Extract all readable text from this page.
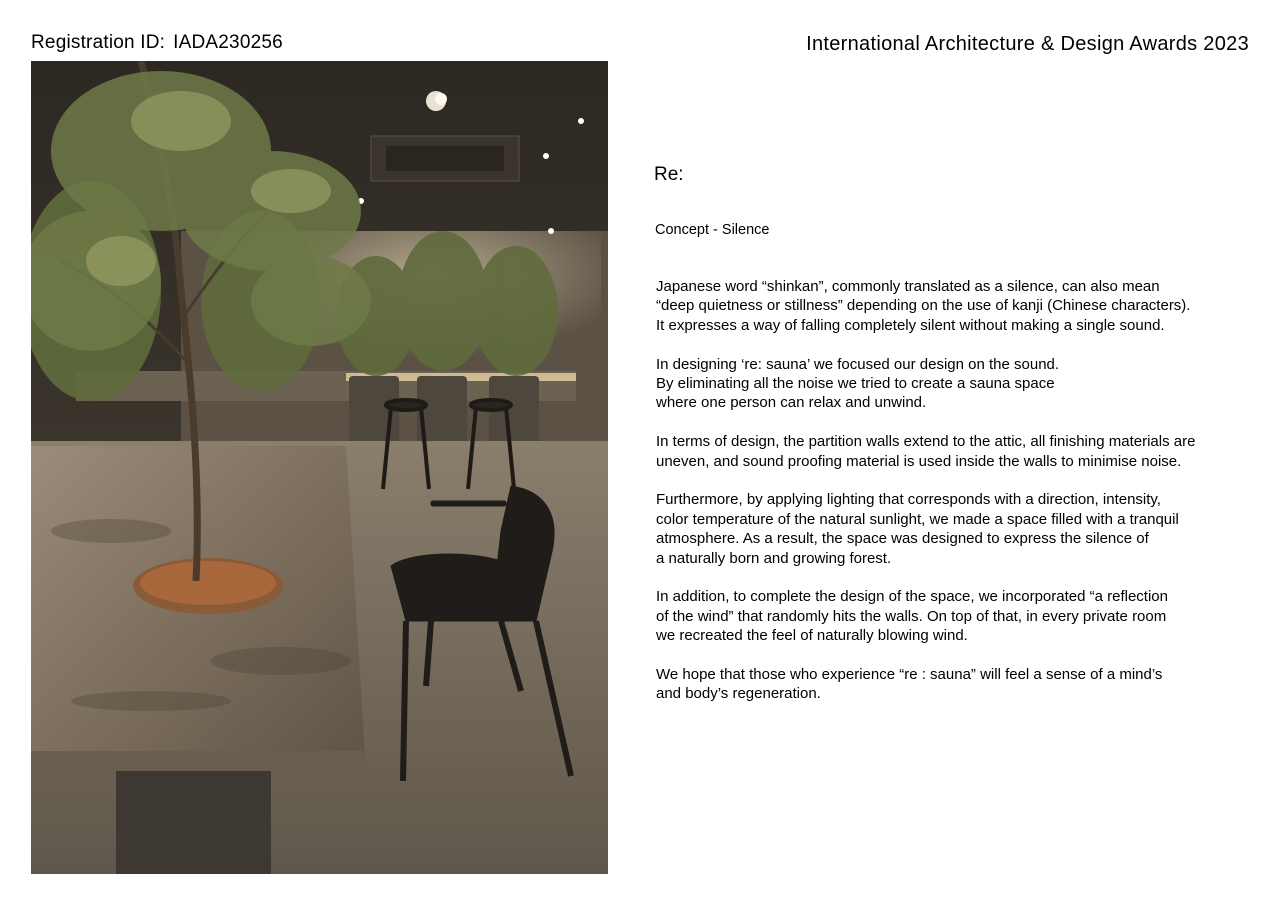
Registration ID: IADA230256	International Architecture & Design Awards 2023
Re:
Concept - Silence

Japanese word “shinkan”, commonly translated as a silence, can also mean
“deep quietness or stillness” depending on the use of kanji (Chinese characters).
It expresses a way of falling completely silent without making a single sound.

In designing ‘re: sauna’ we focused our design on the sound.
By eliminating all the noise we tried to create a sauna space
where one person can relax and unwind.

In terms of design, the partition walls extend to the attic, all finishing materials are
uneven, and sound proofing material is used inside the walls to minimise noise.

Furthermore, by applying lighting that corresponds with a direction, intensity,
color temperature of the natural sunlight, we made a space filled with a tranquil
atmosphere. As a result, the space was designed to express the silence of
a naturally born and growing forest.

In addition, to complete the design of the space, we incorporated “a reflection
of the wind” that randomly hits the walls. On top of that, in every private room
we recreated the feel of naturally blowing wind.

We hope that those who experience “re : sauna” will feel a sense of a mind’s
and body’s regeneration.
